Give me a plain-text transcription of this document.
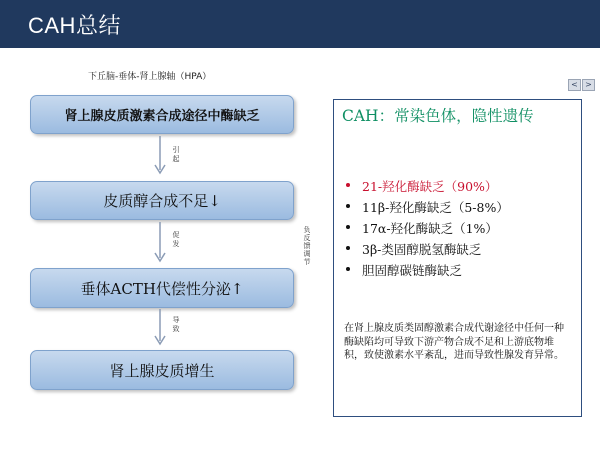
CAH总结
下丘脑-垂体-肾上腺轴（HPA）
< >
肾上腺皮质激素合成途径中酶缺乏
皮质醇合成不足↓
垂体ACTH代偿性分泌↑
肾上腺皮质增生
引起
促发
导致
负反馈调节
CAH：常染色体，隐性遗传
21-羟化酶缺乏（90%）
11β-羟化酶缺乏（5-8%）
17α-羟化酶缺乏（1%）
3β-类固醇脱氢酶缺乏
胆固醇碳链酶缺乏

在肾上腺皮质类固醇激素合成代谢途径中任何一种酶缺陷均可导致下游产物合成不足和上游底物堆积，致使激素水平紊乱，进而导致性腺发育异常。
